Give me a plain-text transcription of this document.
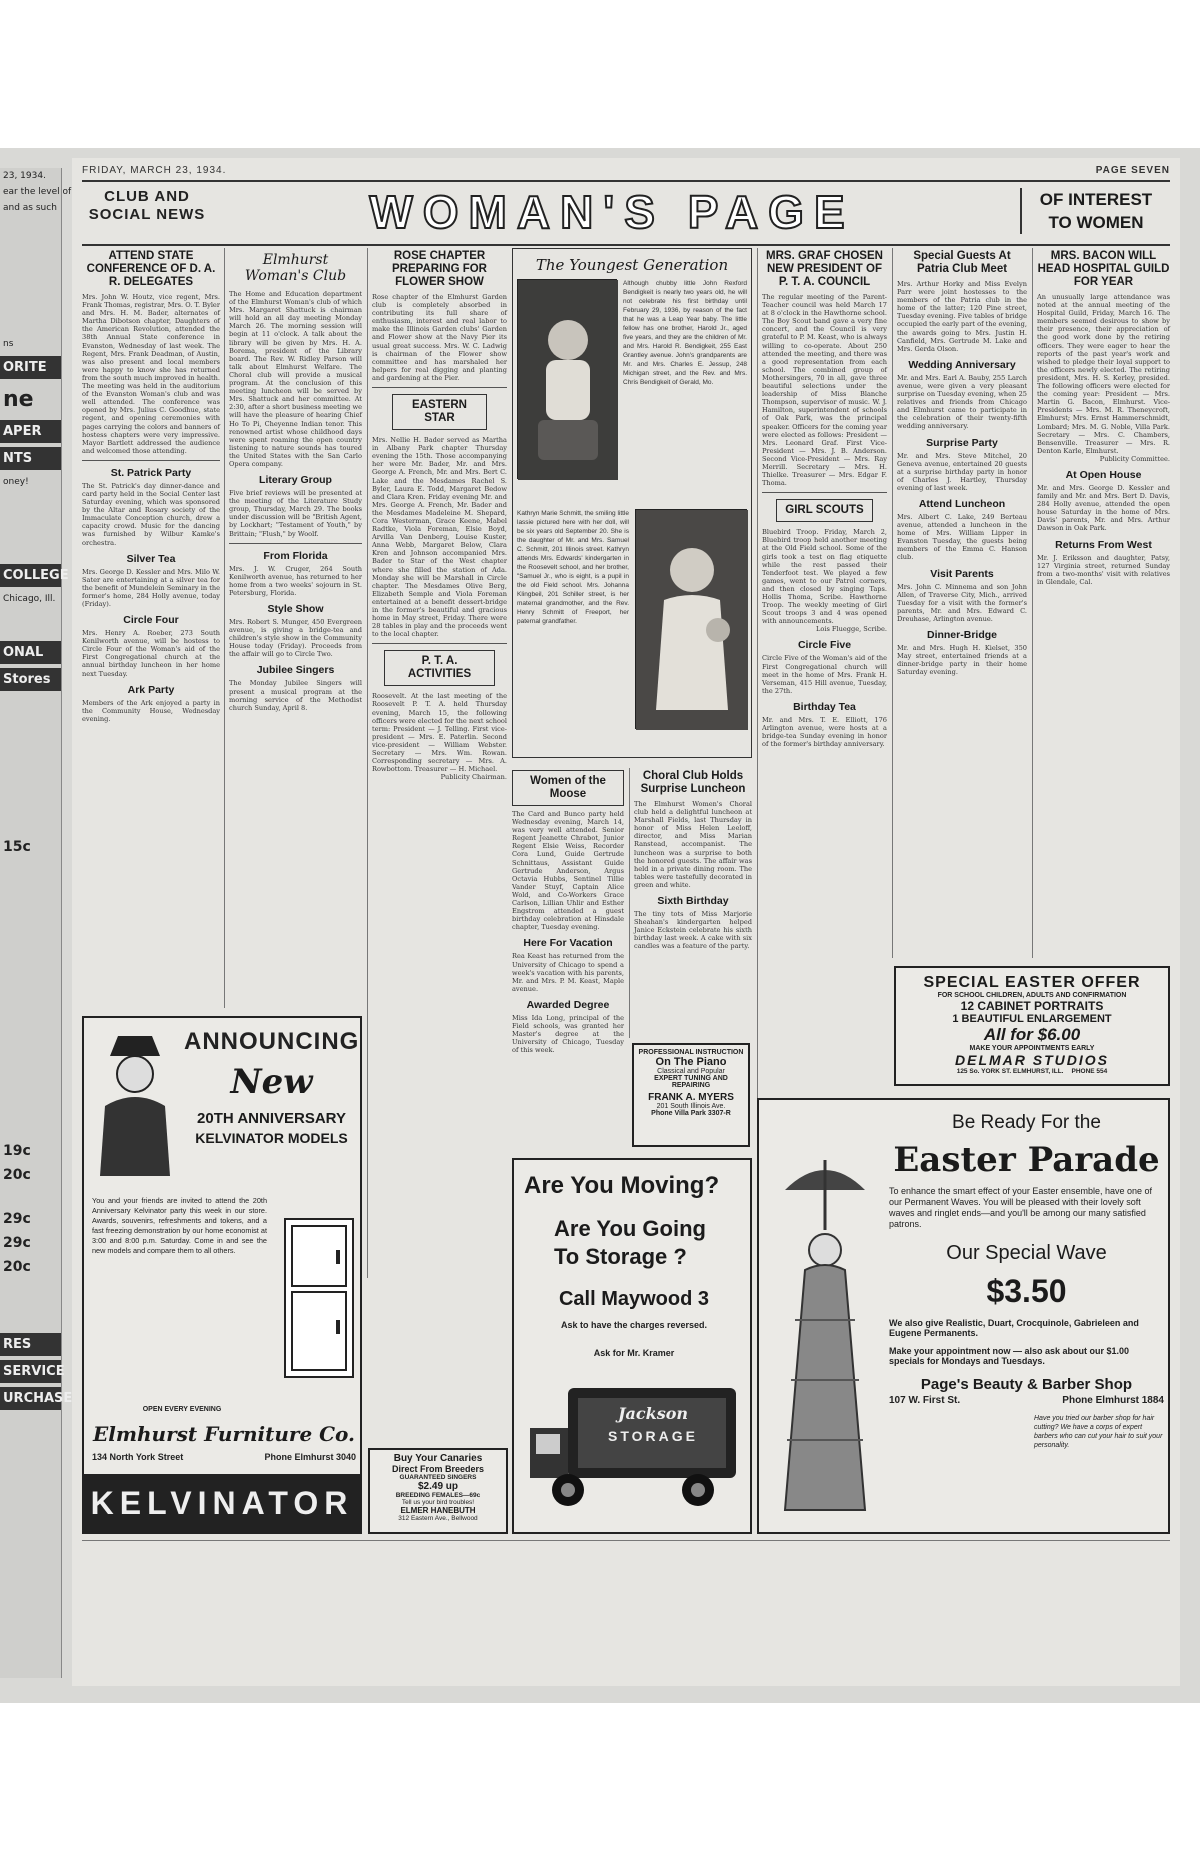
23, 1934.
ear the level of
and as such
ns
ORITE
ne
APER
NTS
oney!
COLLEGE
Chicago, Ill.
ONAL
Stores
15c
19c
20c
29c
29c
20c
RES
SERVICE
URCHASE
FRIDAY, MARCH 23, 1934.	PAGE SEVEN
CLUB AND
SOCIAL NEWS	WOMAN'S PAGE	OF INTEREST
TO WOMEN
ATTEND STATE CONFERENCE OF D. A. R. DELEGATES
Mrs. John W. Houtz, vice regent, Mrs. Frank Thomas, registrar, Mrs. O. T. Byler and Mrs. H. M. Bader, alternates of Martha Dibotson chapter, Daughters of the American Revolution, attended the 38th Annual State conference in Evanston, Wednesday of last week. The Regent, Mrs. Frank Deadman, of Austin, was also present and local members were happy to know she has returned from the south much improved in health. The meeting was held in the auditorium of the Evanston Woman's club and was well attended. The conference was opened by Mrs. Julius C. Goodhue, state regent, and opening ceremonies with pages carrying the colors and banners of hostess chapters were very impressive. Mayor Bartlett addressed the audience and welcomed those attending.
St. Patrick Party
The St. Patrick's day dinner-dance and card party held in the Social Center last Saturday evening, which was sponsored by the Altar and Rosary society of the Immaculate Conception church, drew a capacity crowd. Music for the dancing was furnished by Wilbur Kamke's orchestra.
Silver Tea
Mrs. George D. Kessler and Mrs. Milo W. Sater are entertaining at a silver tea for the benefit of Mundelein Seminary in the former's home, 284 Holly avenue, today (Friday).
Circle Four
Mrs. Henry A. Roeber, 273 South Kenilworth avenue, will be hostess to Circle Four of the Woman's aid of the First Congregational church at the annual birthday luncheon in her home next Tuesday.
Ark Party
Members of the Ark enjoyed a party in the Community House, Wednesday evening.
Elmhurst Woman's Club
The Home and Education department of the Elmhurst Woman's club of which Mrs. Margaret Shattuck is chairman will hold an all day meeting Monday March 26. The morning session will begin at 11 o'clock. A talk about the library will be given by Mrs. H. A. Borema, president of the Library board. The Rev. W. Ridley Parson will talk about Elmhurst Welfare. The Choral club will provide a musical program. At the conclusion of this meeting luncheon will be served by Mrs. Shattuck and her committee. At 2:30, after a short business meeting we will have the pleasure of hearing Chief Ho To Pi, Cheyenne Indian tenor. This renowned artist whose childhood days were spent roaming the open country listening to nature sounds has toured the United States with the San Carlo Opera company.
Literary Group
Five brief reviews will be presented at the meeting of the Literature Study group, Thursday, March 29. The books under discussion will be "British Agent, by Lockhart; "Testament of Youth," by Brittain; "Flush," by Woolf.
From Florida
Mrs. J. W. Cruger, 264 South Kenilworth avenue, has returned to her home from a two weeks' sojourn in St. Petersburg, Florida.
Style Show
Mrs. Robert S. Munger, 450 Evergreen avenue, is giving a bridge-tea and children's style show in the Community House today (Friday). Proceeds from the affair will go to Circle Two.
Jubilee Singers
The Monday Jubilee Singers will present a musical program at the morning service of the Methodist church Sunday, April 8.
ROSE CHAPTER PREPARING FOR FLOWER SHOW
Rose chapter of the Elmhurst Garden club is completely absorbed in contributing its full share of enthusiasm, interest and real labor to make the Illinois Garden clubs' Garden and Flower show at the Navy Pier its usual great success. Mrs. W. C. Ladwig is chairman of the Flower show committee and has marshaled her helpers for real digging and planting and gardening at the Pier.
EASTERN STAR
Mrs. Nellie H. Bader served as Martha in Albany Park chapter Thursday evening the 15th. Those accompanying her were Mr. Bader, Mr. and Mrs. George A. French, Mr. and Mrs. Bert C. Lake and the Mesdames Rachel S. Byler, Laura E. Todd, Margaret Bedow and Clara Kren. Friday evening Mr. and Mrs. George A. French, Mr. Bader and the Mesdames Madeleine M. Shepard, Cora Westerman, Grace Keene, Mabel Radtke, Viola Foreman, Elsie Boyd, Arvilla Van Denberg, Louise Kuster, Anna Webb, Margaret Below, Clara Kren and Johnson accompanied Mrs. Bader to Star of the West chapter where she filled the station of Ada. Monday she will be Marshall in Circle chapter. The Mesdames Olive Berg, Elizabeth Semple and Viola Foreman entertained at a benefit dessert-bridge in the former's beautiful and gracious home in May street, Friday. There were 28 tables in play and the proceeds went to the local chapter.
P. T. A. ACTIVITIES
Roosevelt. At the last meeting of the Roosevelt P. T. A. held Thursday evening, March 15, the following officers were elected for the next school term: President — J. Telling. First vice-president — Mrs. E. Paterlin. Second vice-president — William Webster. Secretary — Mrs. Wm. Rowan. Corresponding secretary — Mrs. A. Rowbottom. Treasurer — H. Michael.
Publicity Chairman.
The Youngest Generation
Although chubby little John Rexford Bendigkeit is nearly two years old, he will not celebrate his first birthday until February 29, 1936, by reason of the fact that he was a Leap Year baby. The little fellow has one brother, Harold Jr., aged five years, and they are the children of Mr. and Mrs. Harold R. Bendigkeit, 255 East Grantley avenue. John's grandparents are Mr. and Mrs. Charles E. Jessup, 248 Michigan street, and the Rev. and Mrs. Chris Bendigkeit of Gerald, Mo.
Kathryn Marie Schmitt, the smiling little lassie pictured here with her doll, will be six years old September 20. She is the daughter of Mr. and Mrs. Samuel C. Schmitt, 201 Illinois street. Kathryn attends Mrs. Edwards' kindergarten in the Roosevelt school, and her brother, "Samuel Jr., who is eight, is a pupil in the old Field school. Mrs. Johanna Klingbeil, 201 Schiller street, is her maternal grandmother, and the Rev. Henry Schmitt of Freeport, her paternal grandfather.
Women of the Moose
The Card and Bunco party held Wednesday evening, March 14, was very well attended. Senior Regent Jeanette Chrabot, Junior Regent Elsie Weiss, Recorder Cora Lund, Guide Gertrude Schnittaus, Assistant Guide Gertrude Anderson, Argus Octavia Hubbs, Sentinel Tillie Vander Stuyf, Captain Alice Wold, and Co-Workers Grace Carlson, Lillian Uhlir and Esther Engstrom attended a guest birthday celebration at Hinsdale chapter, Tuesday evening.
Here For Vacation
Rea Keast has returned from the University of Chicago to spend a week's vacation with his parents, Mr. and Mrs. P. M. Keast, Maple avenue.
Awarded Degree
Miss Ida Long, principal of the Field schools, was granted her Master's degree at the University of Chicago, Tuesday of this week.
Choral Club Holds Surprise Luncheon
The Elmhurst Women's Choral club held a delightful luncheon at Marshall Fields, last Thursday in honor of Miss Helen Leeloff, director, and Miss Marian Ranstead, accompanist. The luncheon was a surprise to both the honored guests. The affair was held in a private dining room. The tables were tastefully decorated in green and white.
Sixth Birthday
The tiny tots of Miss Marjorie Sheahan's kindergarten helped Janice Eckstein celebrate his sixth birthday last week. A cake with six candles was a feature of the party.
PROFESSIONAL INSTRUCTION
On The Piano
Classical and Popular
EXPERT TUNING AND REPAIRING
FRANK A. MYERS
201 South Illinois Ave.
Phone Villa Park 3307-R
MRS. GRAF CHOSEN NEW PRESIDENT OF P. T. A. COUNCIL
The regular meeting of the Parent-Teacher council was held March 17 at 8 o'clock in the Hawthorne school. The Boy Scout band gave a very fine concert, and the Council is very grateful to P. M. Keast, who is always willing to co-operate. About 250 attended the meeting, and there was a good representation from each school. The combined group of Mothersingers, 70 in all, gave three beautiful selections under the leadership of Miss Blanche Thompson, supervisor of music. W. J. Hamilton, superintendent of schools of Oak Park, was the principal speaker. Officers for the coming year were elected as follows: President — Mrs. Leonard Graf. First Vice-President — Mrs. J. B. Anderson. Second Vice-President — Mrs. Ray Merrill. Secretary — Mrs. H. Thielke. Treasurer — Mrs. Edgar F. Thoma.
GIRL SCOUTS
Bluebird Troop. Friday, March 2, Bluebird troop held another meeting at the Old Field school. Some of the girls took a test on flag etiquette while the rest passed their Tenderfoot test. We played a few games, went to our Patrol corners, and then closed by singing Taps. Hollis Thoma, Scribe. Hawthorne Troop. The weekly meeting of Girl Scout troops 3 and 4 was opened with announcements.
Lois Fluegge, Scribe.
Circle Five
Circle Five of the Woman's aid of the First Congregational church will meet in the home of Mrs. Frank H. Verseman, 415 Hill avenue, Tuesday, the 27th.
Birthday Tea
Mr. and Mrs. T. E. Elliott, 176 Arlington avenue, were hosts at a bridge-tea Sunday evening in honor of the former's birthday anniversary.
Special Guests At Patria Club Meet
Mrs. Arthur Horky and Miss Evelyn Parr were joint hostesses to the members of the Patria club in the home of the latter; 120 Pine street, Tuesday evening. Five tables of bridge occupied the early part of the evening, the awards going to Mrs. Justin H. Canfield, Mrs. Gertrude M. Lake and Mrs. Gerda Olson.
Wedding Anniversary
Mr. and Mrs. Earl A. Bauby, 255 Larch avenue, were given a very pleasant surprise on Tuesday evening, when 25 relatives and friends from Chicago and Elmhurst came to participate in the celebration of their twenty-fifth wedding anniversary.
Surprise Party
Mr. and Mrs. Steve Mitchel, 20 Geneva avenue, entertained 20 guests at a surprise birthday party in honor of Charles J. Hartley, Thursday evening of last week.
Attend Luncheon
Mrs. Albert C. Lake, 249 Berteau avenue, attended a luncheon in the home of Mrs. William Lipper in Evanston Tuesday, the guests being members of the Emma C. Hanson club.
Visit Parents
Mrs. John C. Minnema and son John Allen, of Traverse City, Mich., arrived Tuesday for a visit with the former's parents, Mr. and Mrs. Edward C. Dreuhase, Arlington avenue.
Dinner-Bridge
Mr. and Mrs. Hugh H. Kielset, 350 May street, entertained friends at a dinner-bridge party in their home Saturday evening.
MRS. BACON WILL HEAD HOSPITAL GUILD FOR YEAR
An unusually large attendance was noted at the annual meeting of the Hospital Guild, Friday, March 16. The members seemed desirous to show by their presence, their appreciation of the good work done by the retiring officers. They were eager to hear the reports of the past year's work and wished to pledge their loyal support to the officers newly elected. The retiring president, Mrs. H. S. Kerley, presided. The following officers were elected for the coming year: President — Mrs. Martin G. Bacon, Elmhurst. Vice-Presidents — Mrs. M. R. Theneycroft, Elmhurst; Mrs. Ernst Hammerschmidt, Lombard; Mrs. M. G. Noble, Villa Park. Secretary — Mrs. C. Chambers, Bensenville. Treasurer — Mrs. R. Denton Karle, Elmhurst.
Publicity Committee.
At Open House
Mr. and Mrs. George D. Kessler and family and Mr. and Mrs. Bert D. Davis, 284 Holly avenue, attended the open house Saturday in the home of Mrs. Davis' parents, Mr. and Mrs. Arthur Dawson in Oak Park.
Returns From West
Mr. J. Eriksson and daughter, Patsy, 127 Virginia street, returned Sunday from a two-months' visit with relatives in Glendale, Cal.
SPECIAL EASTER OFFER
FOR SCHOOL CHILDREN, ADULTS AND CONFIRMATION
12 CABINET PORTRAITS
1 BEAUTIFUL ENLARGEMENT
All for $6.00
MAKE YOUR APPOINTMENTS EARLY
DELMAR STUDIOS
125 So. YORK ST. ELMHURST, ILL. PHONE 554
ANNOUNCING
New
20TH ANNIVERSARY
KELVINATOR MODELS
You and your friends are invited to attend the 20th Anniversary Kelvinator party this week in our store. Awards, souvenirs, refreshments and tokens, and a fast freezing demonstration by our home economist at 3:00 and 8:00 p.m. Saturday. Come in and see the new models and compare them to all others.
OPEN EVERY EVENING
Elmhurst Furniture Co.
134 North York Street	Phone Elmhurst 3040
KELVINATOR
Buy Your Canaries
Direct From Breeders
GUARANTEED SINGERS
$2.49 up
BREEDING FEMALES—69c
Tell us your bird troubles!
ELMER HANEBUTH
312 Eastern Ave., Bellwood
Are You Moving?
Are You Going
To Storage ?
Call Maywood 3
Ask to have the charges reversed.
Ask for Mr. Kramer
Jackson
STORAGE
Be Ready For the
Easter Parade
To enhance the smart effect of your Easter ensemble, have one of our Permanent Waves. You will be pleased with their lovely soft waves and ringlet ends—and you'll be among our many satisfied patrons.
Our Special Wave
$3.50
We also give Realistic, Duart, Crocquinole, Gabrieleen and Eugene Permanents.
Make your appointment now — also ask about our $1.00 specials for Mondays and Tuesdays.
Page's Beauty & Barber Shop
107 W. First St.	Phone Elmhurst 1884
Have you tried our barber shop for hair cutting? We have a corps of expert barbers who can cut your hair to suit your personality.
